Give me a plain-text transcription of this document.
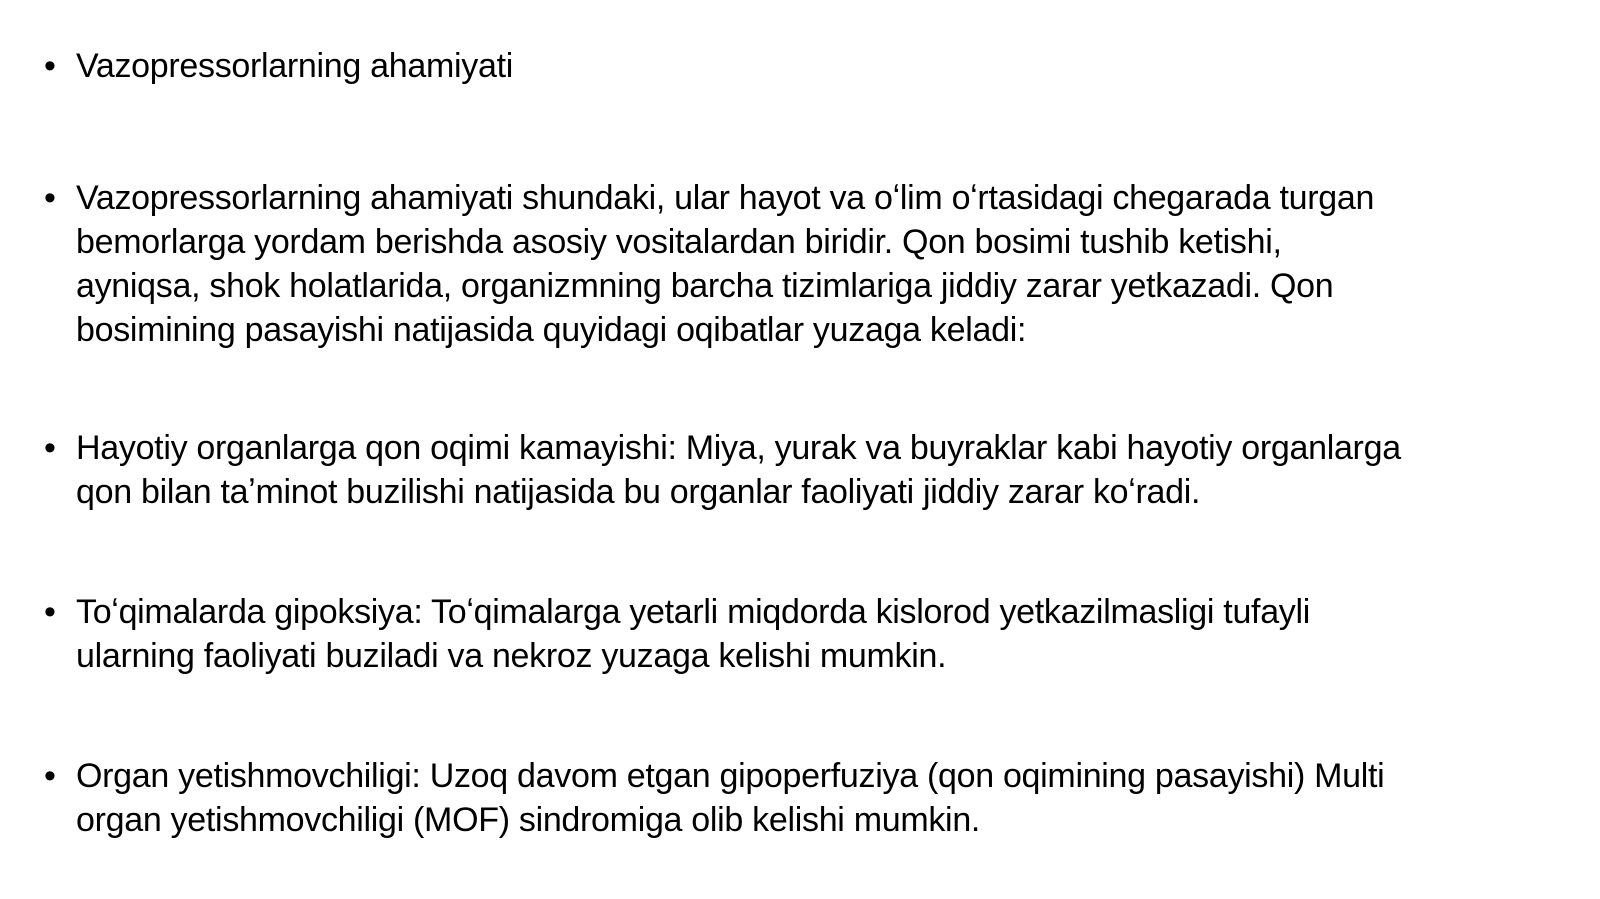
• Vazopressorlarning ahamiyati
• Vazopressorlarning ahamiyati shundaki, ular hayot va oʻlim oʻrtasidagi chegarada turgan
bemorlarga yordam berishda asosiy vositalardan biridir. Qon bosimi tushib ketishi,
ayniqsa, shok holatlarida, organizmning barcha tizimlariga jiddiy zarar yetkazadi. Qon
bosimining pasayishi natijasida quyidagi oqibatlar yuzaga keladi:
• Hayotiy organlarga qon oqimi kamayishi: Miya, yurak va buyraklar kabi hayotiy organlarga
qon bilan taʼminot buzilishi natijasida bu organlar faoliyati jiddiy zarar koʻradi.
• Toʻqimalarda gipoksiya: Toʻqimalarga yetarli miqdorda kislorod yetkazilmasligi tufayli
ularning faoliyati buziladi va nekroz yuzaga kelishi mumkin.
• Organ yetishmovchiligi: Uzoq davom etgan gipoperfuziya (qon oqimining pasayishi) Multi
organ yetishmovchiligi (MOF) sindromiga olib kelishi mumkin.
